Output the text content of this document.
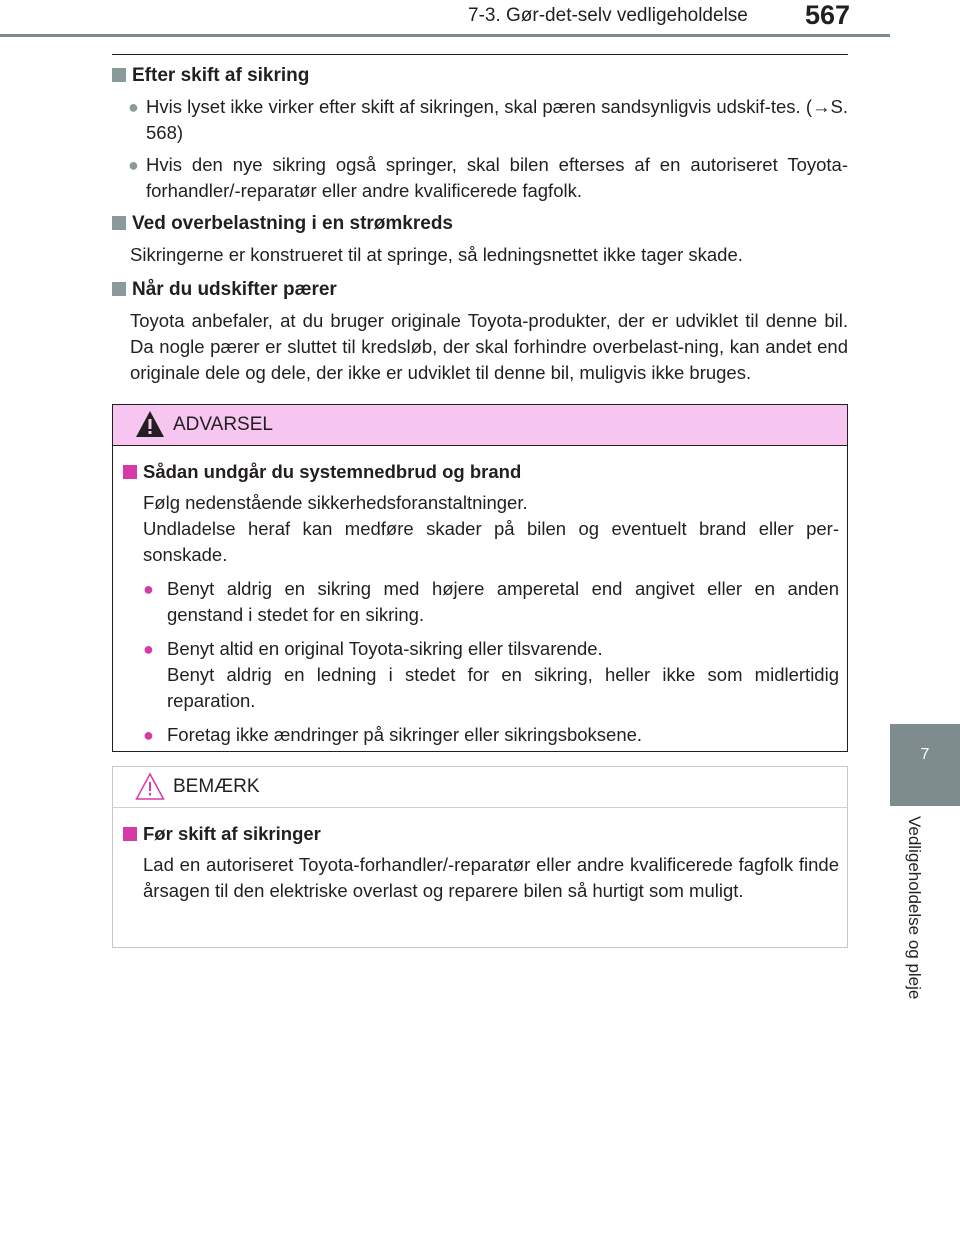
7-3. Gør-det-selv vedligeholdelse 567
7
Vedligeholdelse og pleje

Efter skift af sikring

● Hvis lyset ikke virker efter skift af sikringen, skal pæren sandsynligvis udskif-tes. (→S. 568)
● Hvis den nye sikring også springer, skal bilen efterses af en autoriseret Toyota-forhandler/-reparatør eller andre kvalificerede fagfolk.

Ved overbelastning i en strømkreds

Sikringerne er konstrueret til at springe, så ledningsnettet ikke tager skade.

Når du udskifter pærer

Toyota anbefaler, at du bruger originale Toyota-produkter, der er udviklet til denne bil. Da nogle pærer er sluttet til kredsløb, der skal forhindre overbelast-ning, kan andet end originale dele og dele, der ikke er udviklet til denne bil, muligvis ikke bruges.

ADVARSEL

Sådan undgår du systemnedbrud og brand

Følg nedenstående sikkerhedsforanstaltninger.
Undladelse heraf kan medføre skader på bilen og eventuelt brand eller per-sonskade.

● Benyt aldrig en sikring med højere amperetal end angivet eller en anden genstand i stedet for en sikring.
● Benyt altid en original Toyota-sikring eller tilsvarende.
Benyt aldrig en ledning i stedet for en sikring, heller ikke som midlertidig reparation.
● Foretag ikke ændringer på sikringer eller sikringsboksene.
BEMÆRK

Før skift af sikringer

Lad en autoriseret Toyota-forhandler/-reparatør eller andre kvalificerede fagfolk finde årsagen til den elektriske overlast og reparere bilen så hurtigt som muligt.
